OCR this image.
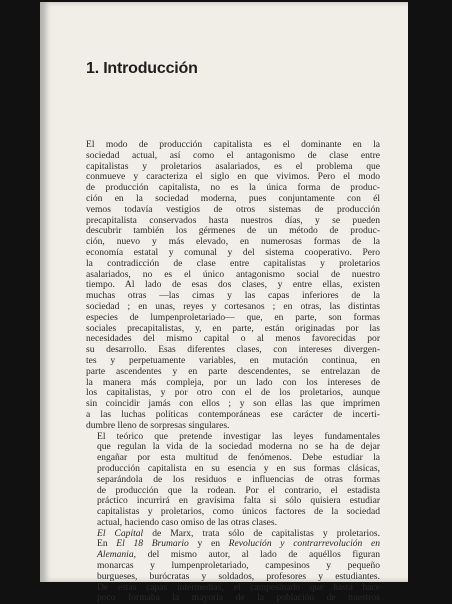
1. Introducción

El modo de producción capitalista es el dominante en la
sociedad actual, así como el antagonismo de clase entre
capitalistas y proletarios asalariados, es el problema que
conmueve y caracteriza el siglo en que vivimos. Pero el modo
de producción capitalista, no es la única forma de produc-
ción en la sociedad moderna, pues conjuntamente con él
vemos todavía vestigios de otros sistemas de producción
precapitalista conservados hasta nuestros días, y se pueden
descubrir también los gérmenes de un método de produc-
ción, nuevo y más elevado, en numerosas formas de la
economía estatal y comunal y del sistema cooperativo. Pero
la contradicción de clase entre capitalistas y proletarios
asalariados, no es el único antagonismo social de nuestro
tiempo. Al lado de esas dos clases, y entre ellas, existen
muchas otras —las cimas y las capas inferiores de la
sociedad ; en unas, reyes y cortesanos ; en otras, las distintas
especies de lumpenproletariado— que, en parte, son formas
sociales precapitalistas, y, en parte, están originadas por las
necesidades del mismo capital o al menos favorecidas por
su desarrollo. Esas diferentes clases, con intereses divergen-
tes y perpetuamente variables, en mutación continua, en
parte ascendentes y en parte descendentes, se entrelazan de
la manera más compleja, por un lado con los intereses de
los capitalistas, y por otro con el de los proletarios, aunque
sin coincidir jamás con ellos ; y son ellas las que imprimen
a las luchas políticas contemporáneas ese carácter de incerti-
dumbre lleno de sorpresas singulares.

El teórico que pretende investigar las leyes fundamentales
que regulan la vida de la sociedad moderna no se ha de dejar
engañar por esta multitud de fenómenos. Debe estudiar la
producción capitalista en su esencia y en sus formas clásicas,
separándola de los residuos e influencias de otras formas
de producción que la rodean. Por el contrario, el estadista
práctico incurrirá en gravísima falta si sólo quisiera estudiar
capitalistas y proletarios, como únicos factores de la sociedad
actual, haciendo caso omiso de las otras clases.

El Capital de Marx, trata sólo de capitalistas y proletarios.
En El 18 Brumario y en Revolución y contrarrevolución en
Alemania, del mismo autor, al lado de aquéllos figuran
monarcas y lumpenproletariado, campesinos y pequeño
burgueses, burócratas y soldados, profesores y estudiantes.
De estas capas intermedias, el campesinado que hasta hace
poco formaba la mayoria de la población de nuestros
